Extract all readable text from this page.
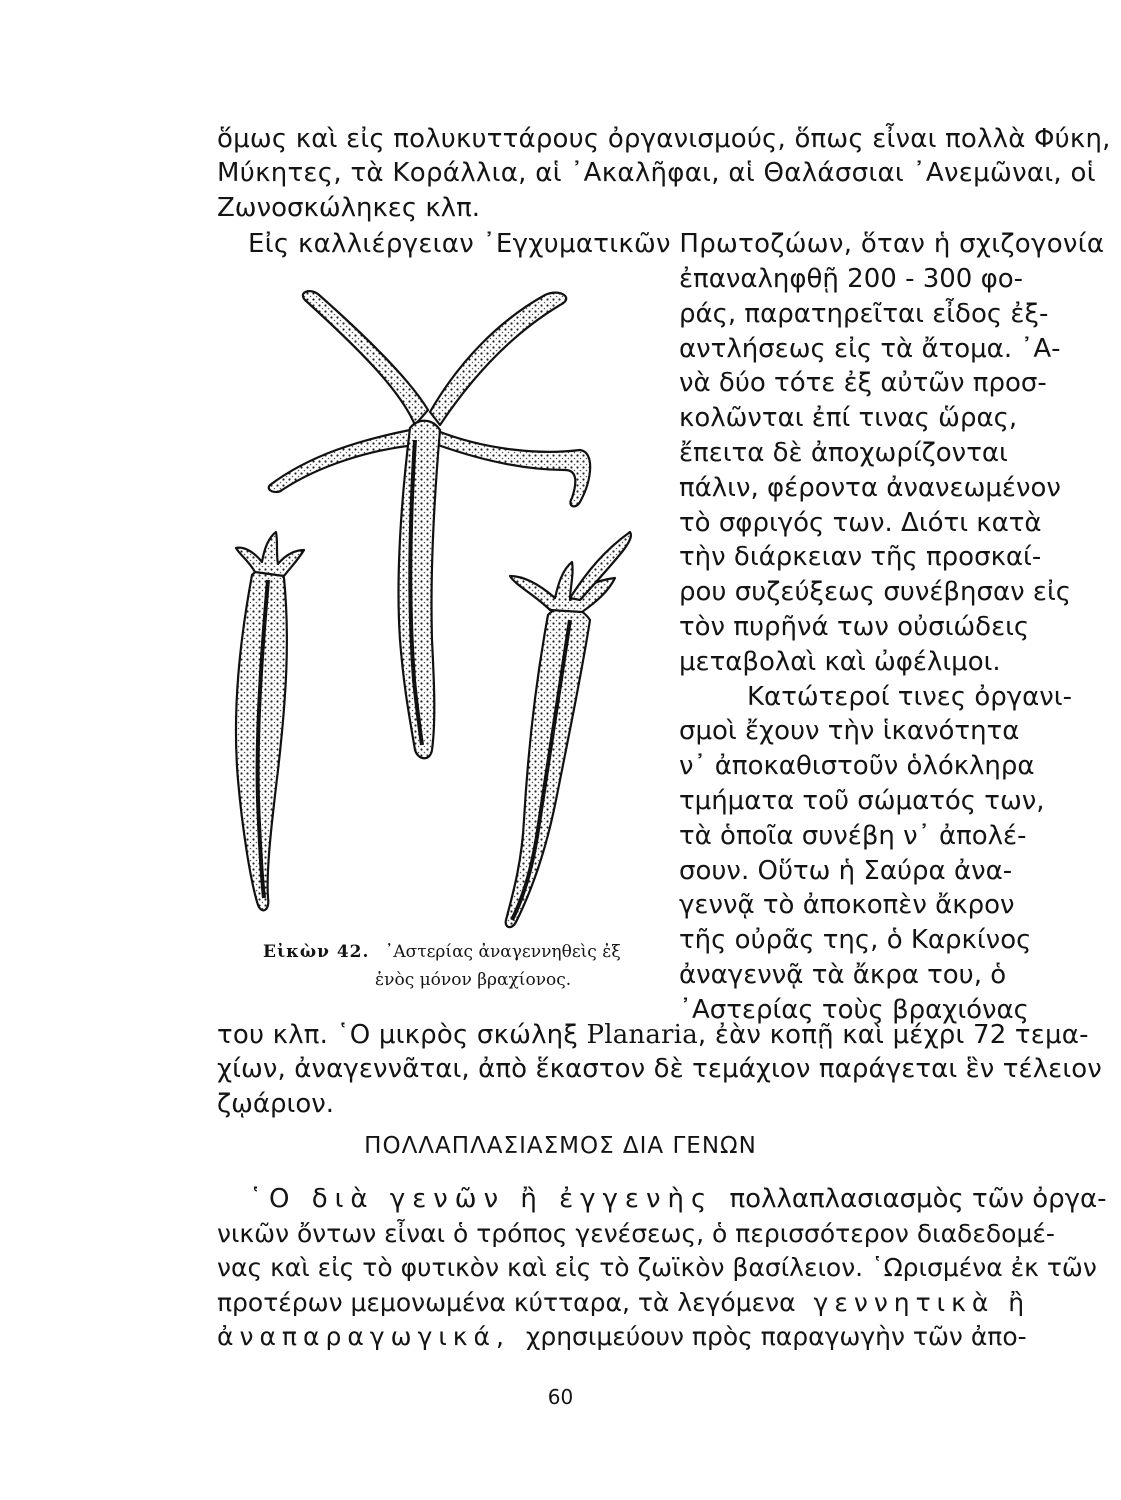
ὅμως καὶ εἰς πολυκυττάρους ὀργανισμούς, ὅπως εἶναι πολλὰ Φύκη,
Μύκητες, τὰ Κοράλλια, αἱ ᾿Ακαλῆφαι, αἱ Θαλάσσιαι ᾿Ανεμῶναι, οἱ
Ζωνοσκώληκες κλπ.
Εἰς καλλιέργειαν ᾿Εγχυματικῶν Πρωτοζώων, ὅταν ἡ σχιζογονία
ἐπαναληφθῇ 200 - 300 φο-
ράς, παρατηρεῖται εἶδος ἐξ-
αντλήσεως εἰς τὰ ἄτομα. ᾿Α-
νὰ δύο τότε ἐξ αὐτῶν προσ-
κολῶνται ἐπί τινας ὥρας,
ἔπειτα δὲ ἀποχωρίζονται
πάλιν, φέροντα ἀνανεωμένον
τὸ σφριγός των. Διότι κατὰ
τὴν διάρκειαν τῆς προσκαί-
ρου συζεύξεως συνέβησαν εἰς
τὸν πυρῆνά των οὐσιώδεις
μεταβολαὶ καὶ ὠφέλιμοι.
Κατώτεροί τινες ὀργανι-
σμοὶ ἔχουν τὴν ἱκανότητα
ν᾿ ἀποκαθιστοῦν ὁλόκληρα
τμήματα τοῦ σώματός των,
τὰ ὁποῖα συνέβη ν᾿ ἀπολέ-
σουν. Οὕτω ἡ Σαύρα ἀνα-
γεννᾷ τὸ ἀποκοπὲν ἄκρον
τῆς οὐρᾶς της, ὁ Καρκίνος
ἀναγεννᾷ τὰ ἄκρα του, ὁ
᾿Αστερίας τοὺς βραχιόνας
Εἰκὼν 42. ᾿Αστερίας ἀναγεννηθεὶς ἐξ
ἑνὸς μόνον βραχίονος.
του κλπ. ῾Ο μικρὸς σκώληξ Planaria, ἐὰν κοπῇ καὶ μέχρι 72 τεμα-
χίων, ἀναγεννᾶται, ἀπὸ ἕκαστον δὲ τεμάχιον παράγεται ἓν τέλειον
ζῳάριον.
ΠΟΛΛΑΠΛΑΣΙΑΣΜΟΣ ΔΙΑ ΓΕΝΩΝ
῾Ο διὰ γενῶν ἢ ἐγγενὴς πολλαπλασιασμὸς τῶν ὀργα-
νικῶν ὄντων εἶναι ὁ τρόπος γενέσεως, ὁ περισσότερον διαδεδομέ-
νας καὶ εἰς τὸ φυτικὸν καὶ εἰς τὸ ζωϊκὸν βασίλειον. ῾Ωρισμένα ἐκ τῶν
προτέρων μεμονωμένα κύτταρα, τὰ λεγόμενα γεννητικὰ ἢ
ἀναπαραγωγικά, χρησιμεύουν πρὸς παραγωγὴν τῶν ἀπο-
60
